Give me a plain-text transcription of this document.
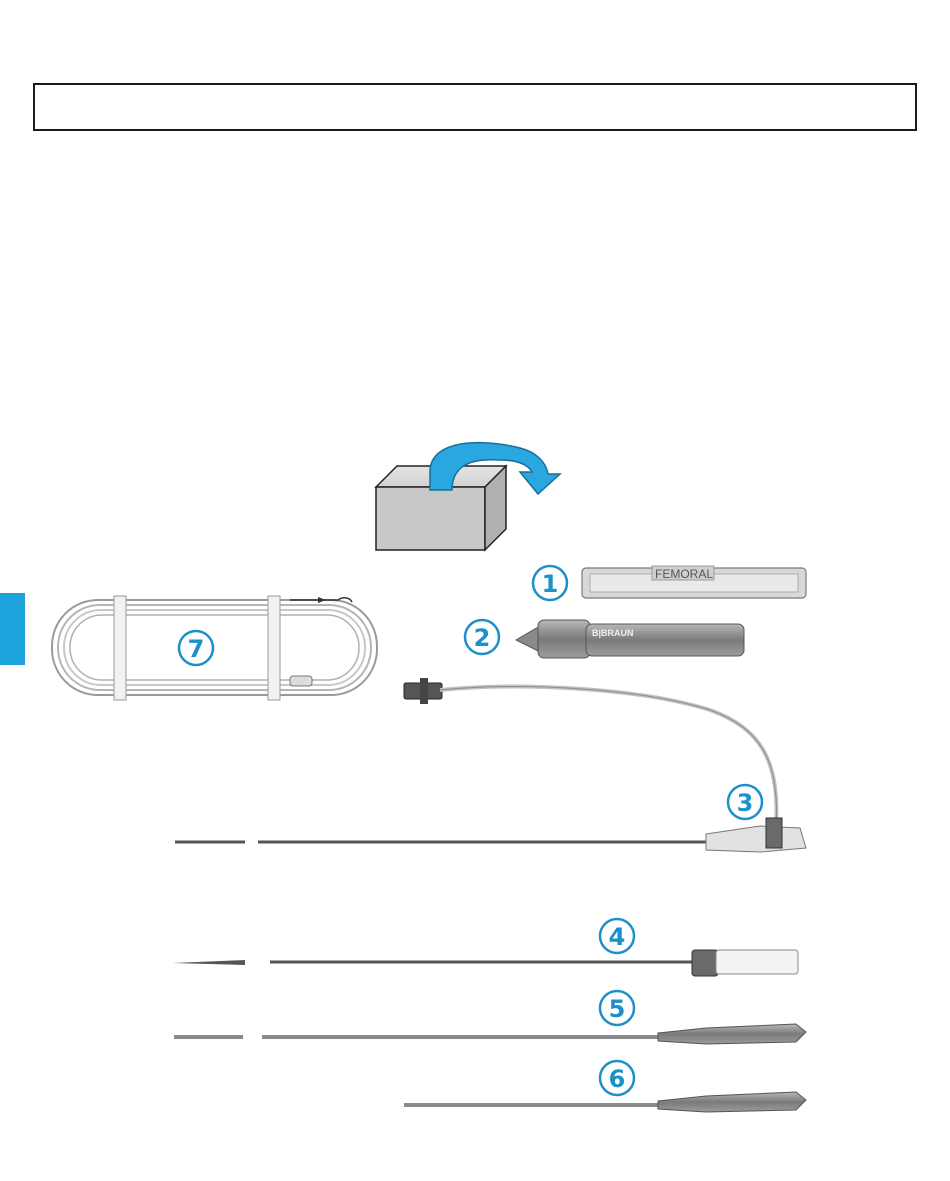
FEMORAL
B|BRAUN
1
2
3
4
5
6
7
